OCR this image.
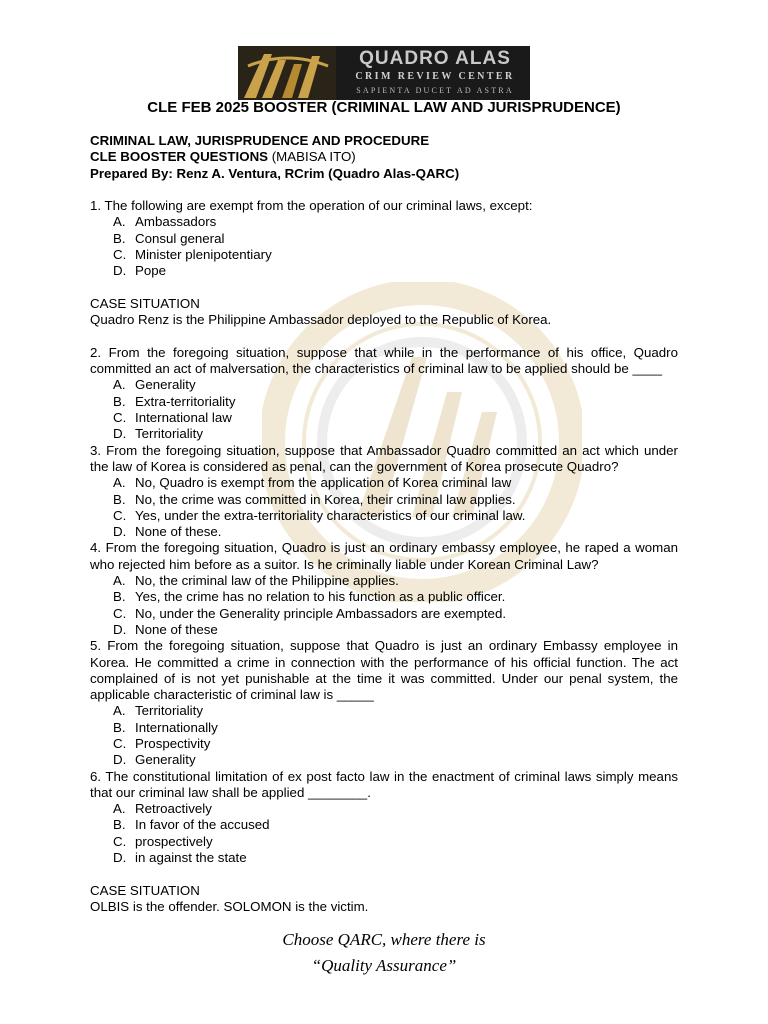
QUADRO ALAS
CRIM REVIEW CENTER
SAPIENTA DUCET AD ASTRA
CLE FEB 2025 BOOSTER (CRIMINAL LAW AND JURISPRUDENCE)

CRIMINAL LAW, JURISPRUDENCE AND PROCEDURE

CLE BOOSTER QUESTIONS (MABISA ITO)

Prepared By: Renz A. Ventura, RCrim (Quadro Alas-QARC)

1. The following are exempt from the operation of our criminal laws, except:

A. Ambassadors

B. Consul general

C. Minister plenipotentiary

D. Pope

CASE SITUATION

Quadro Renz is the Philippine Ambassador deployed to the Republic of Korea.

2. From the foregoing situation, suppose that while in the performance of his office, Quadro committed an act of malversation, the characteristics of criminal law to be applied should be ____

A. Generality

B. Extra-territoriality

C. International law

D. Territoriality

3. From the foregoing situation, suppose that Ambassador Quadro committed an act which under the law of Korea is considered as penal, can the government of Korea prosecute Quadro?

A. No, Quadro is exempt from the application of Korea criminal law

B. No, the crime was committed in Korea, their criminal law applies.

C. Yes, under the extra-territoriality characteristics of our criminal law.

D. None of these.

4. From the foregoing situation, Quadro is just an ordinary embassy employee, he raped a woman who rejected him before as a suitor. Is he criminally liable under Korean Criminal Law?

A. No, the criminal law of the Philippine applies.

B. Yes, the crime has no relation to his function as a public officer.

C. No, under the Generality principle Ambassadors are exempted.

D. None of these

5. From the foregoing situation, suppose that Quadro is just an ordinary Embassy employee in Korea. He committed a crime in connection with the performance of his official function. The act complained of is not yet punishable at the time it was committed. Under our penal system, the applicable characteristic of criminal law is _____

A. Territoriality

B. Internationally

C. Prospectivity

D. Generality

6. The constitutional limitation of ex post facto law in the enactment of criminal laws simply means that our criminal law shall be applied ________.

A. Retroactively

B. In favor of the accused

C. prospectively

D. in against the state

CASE SITUATION

OLBIS is the offender. SOLOMON is the victim.

Choose QARC, where there is
“Quality Assurance”
